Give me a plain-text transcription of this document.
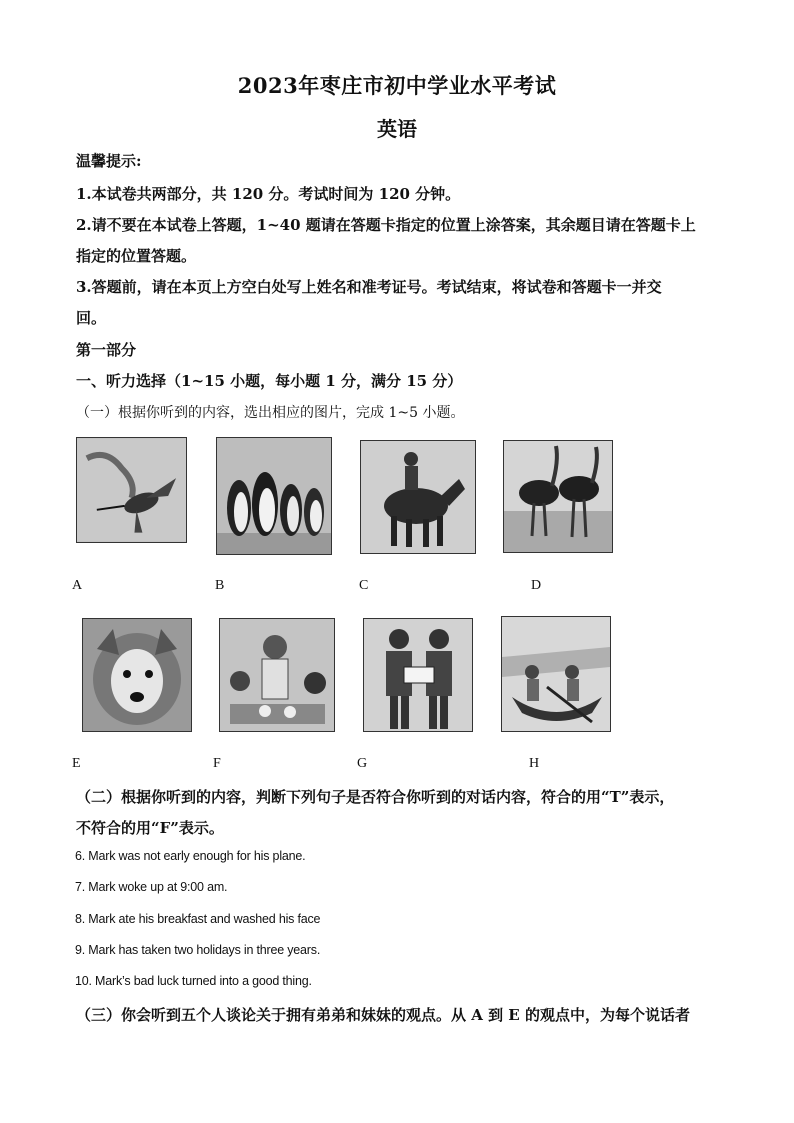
2023年枣庄市初中学业水平考试
英语
温馨提示:
1.本试卷共两部分，共 120 分。考试时间为 120 分钟。
2.请不要在本试卷上答题，1~40 题请在答题卡指定的位置上涂答案，其余题目请在答题卡上
指定的位置答题。
3.答题前，请在本页上方空白处写上姓名和准考证号。考试结束，将试卷和答题卡一并交
回。
第一部分
一、听力选择（1~15 小题，每小题 1 分，满分 15 分）
（一）根据你听到的内容，选出相应的图片，完成 1~5 小题。
A	B	C	D
E	F	G	H
（二）根据你听到的内容，判断下列句子是否符合你听到的对话内容，符合的用“T”表示，
不符合的用“F”表示。
6. Mark was not early enough for his plane.
7. Mark woke up at 9:00 am.
8. Mark ate his breakfast and washed his face
9. Mark has taken two holidays in three years.
10. Mark’s bad luck turned into a good thing.
（三）你会听到五个人谈论关于拥有弟弟和妹妹的观点。从 A 到 E 的观点中，为每个说话者
